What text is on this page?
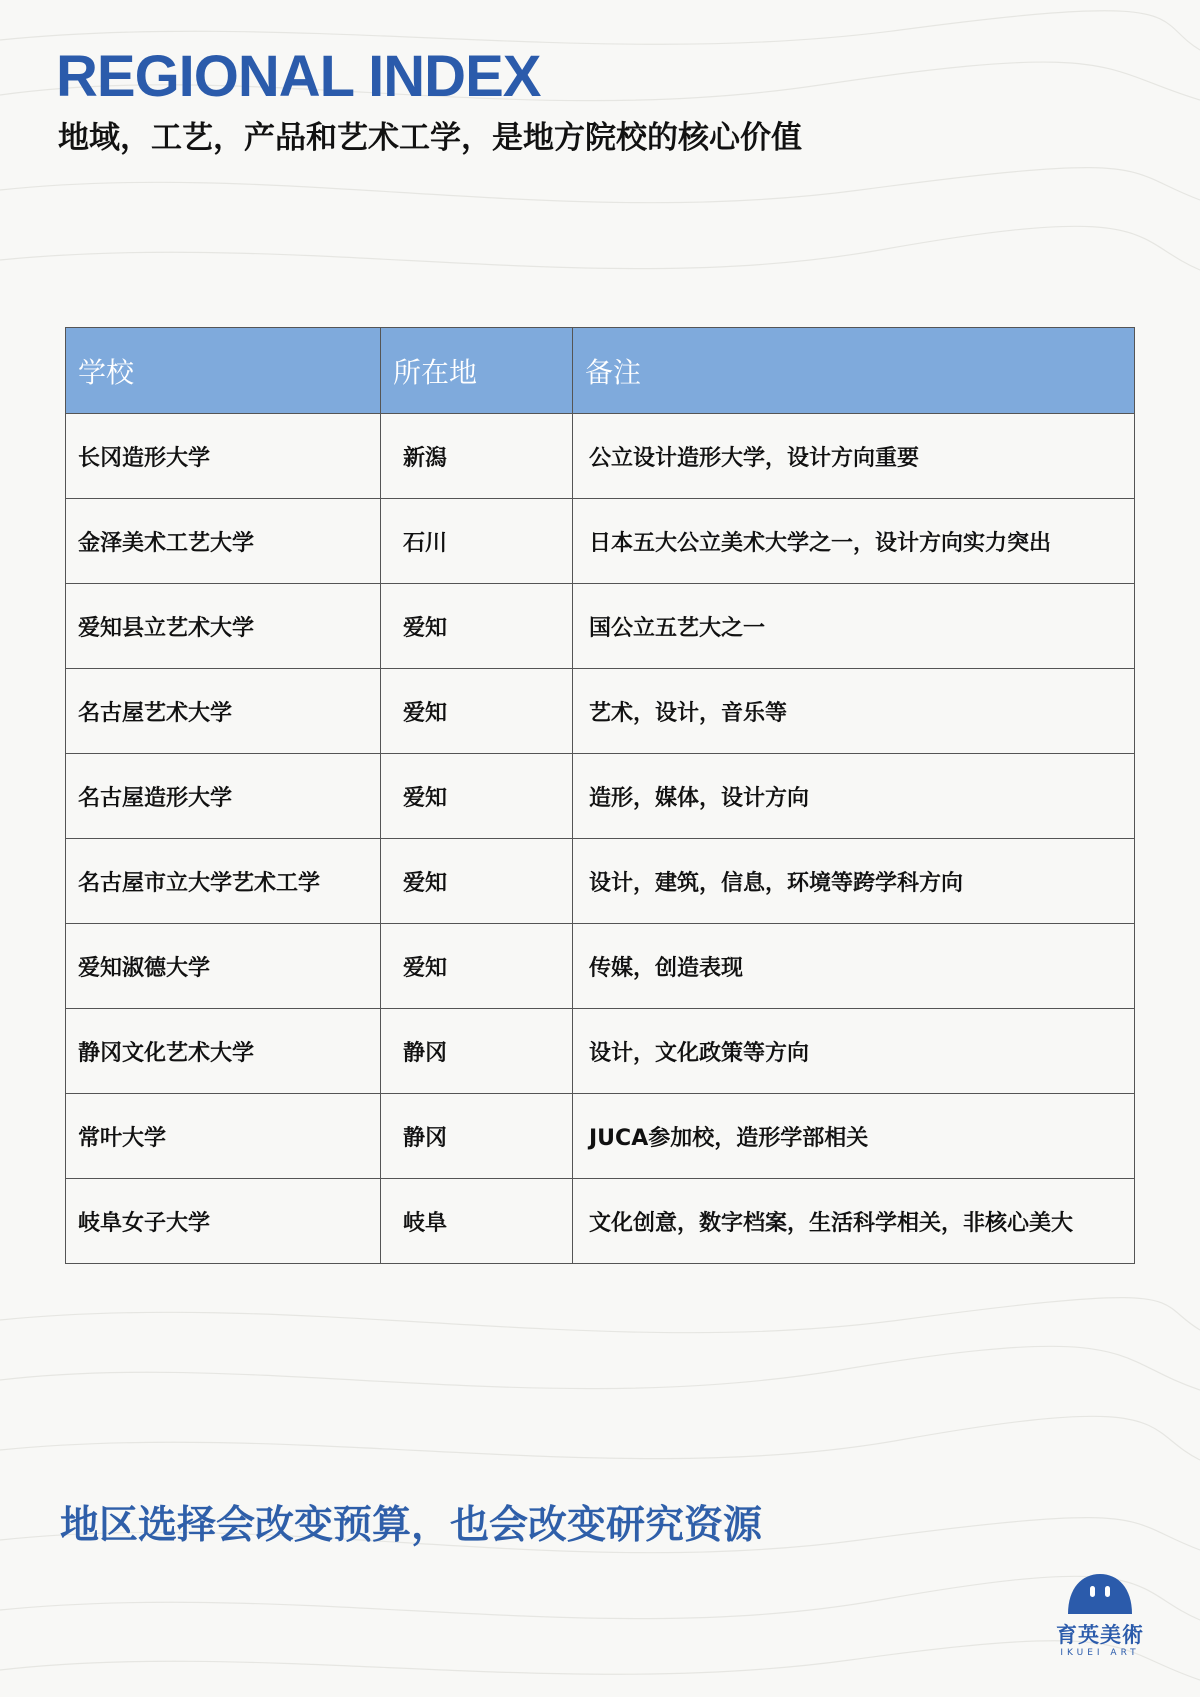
REGIONAL INDEX
地域，工艺，产品和艺术工学，是地方院校的核心价值
学校	所在地	备注
长冈造形大学	新潟	公立设计造形大学，设计方向重要
金泽美术工艺大学	石川	日本五大公立美术大学之一，设计方向实力突出
爱知县立艺术大学	爱知	国公立五艺大之一
名古屋艺术大学	爱知	艺术，设计，音乐等
名古屋造形大学	爱知	造形，媒体，设计方向
名古屋市立大学艺术工学	爱知	设计，建筑，信息，环境等跨学科方向
爱知淑德大学	爱知	传媒，创造表现
静冈文化艺术大学	静冈	设计，文化政策等方向
常叶大学	静冈	JUCA参加校，造形学部相关
岐阜女子大学	岐阜	文化创意，数字档案，生活科学相关，非核心美大
地区选择会改变预算，也会改变研究资源
育英美術
IKUEI ART
